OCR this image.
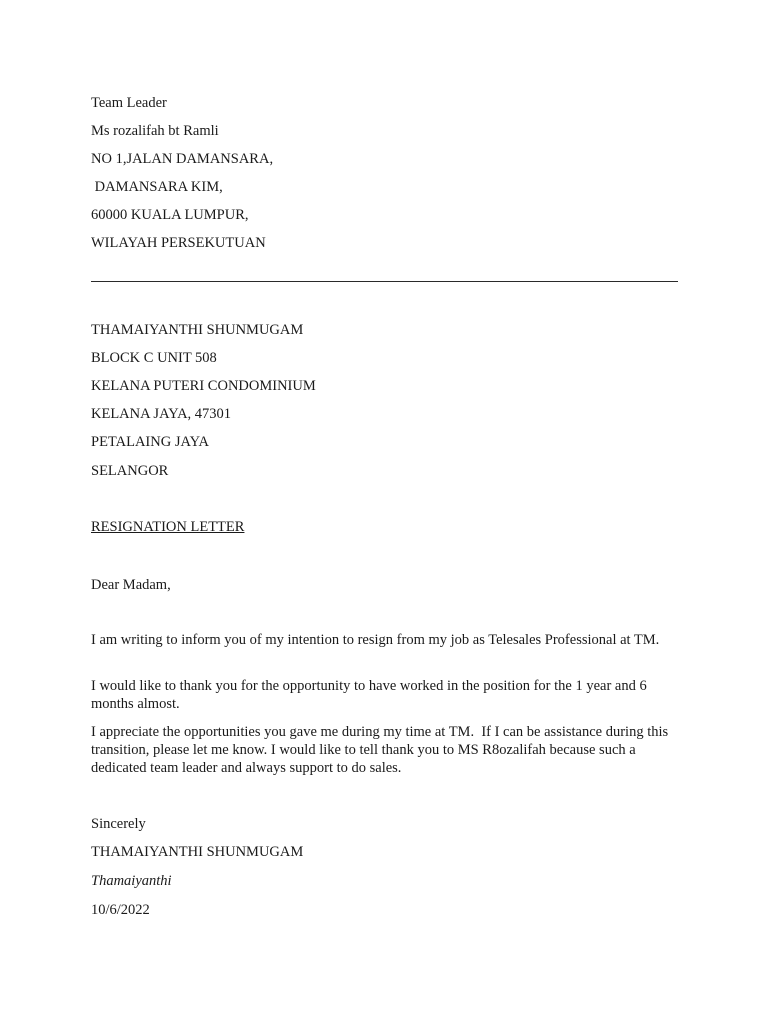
Team Leader
Ms rozalifah bt Ramli
NO 1,JALAN DAMANSARA,
DAMANSARA KIM,
60000 KUALA LUMPUR,
WILAYAH PERSEKUTUAN
THAMAIYANTHI SHUNMUGAM
BLOCK C UNIT 508
KELANA PUTERI CONDOMINIUM
KELANA JAYA, 47301
PETALAING JAYA
SELANGOR
RESIGNATION LETTER
Dear Madam,
I am writing to inform you of my intention to resign from my job as Telesales Professional at TM.
I would like to thank you for the opportunity to have worked in the position for the 1 year and 6 months almost.
I appreciate the opportunities you gave me during my time at TM.  If I can be assistance during this transition, please let me know. I would like to tell thank you to MS R8ozalifah because such a dedicated team leader and always support to do sales.
Sincerely
THAMAIYANTHI SHUNMUGAM
Thamaiyanthi
10/6/2022
